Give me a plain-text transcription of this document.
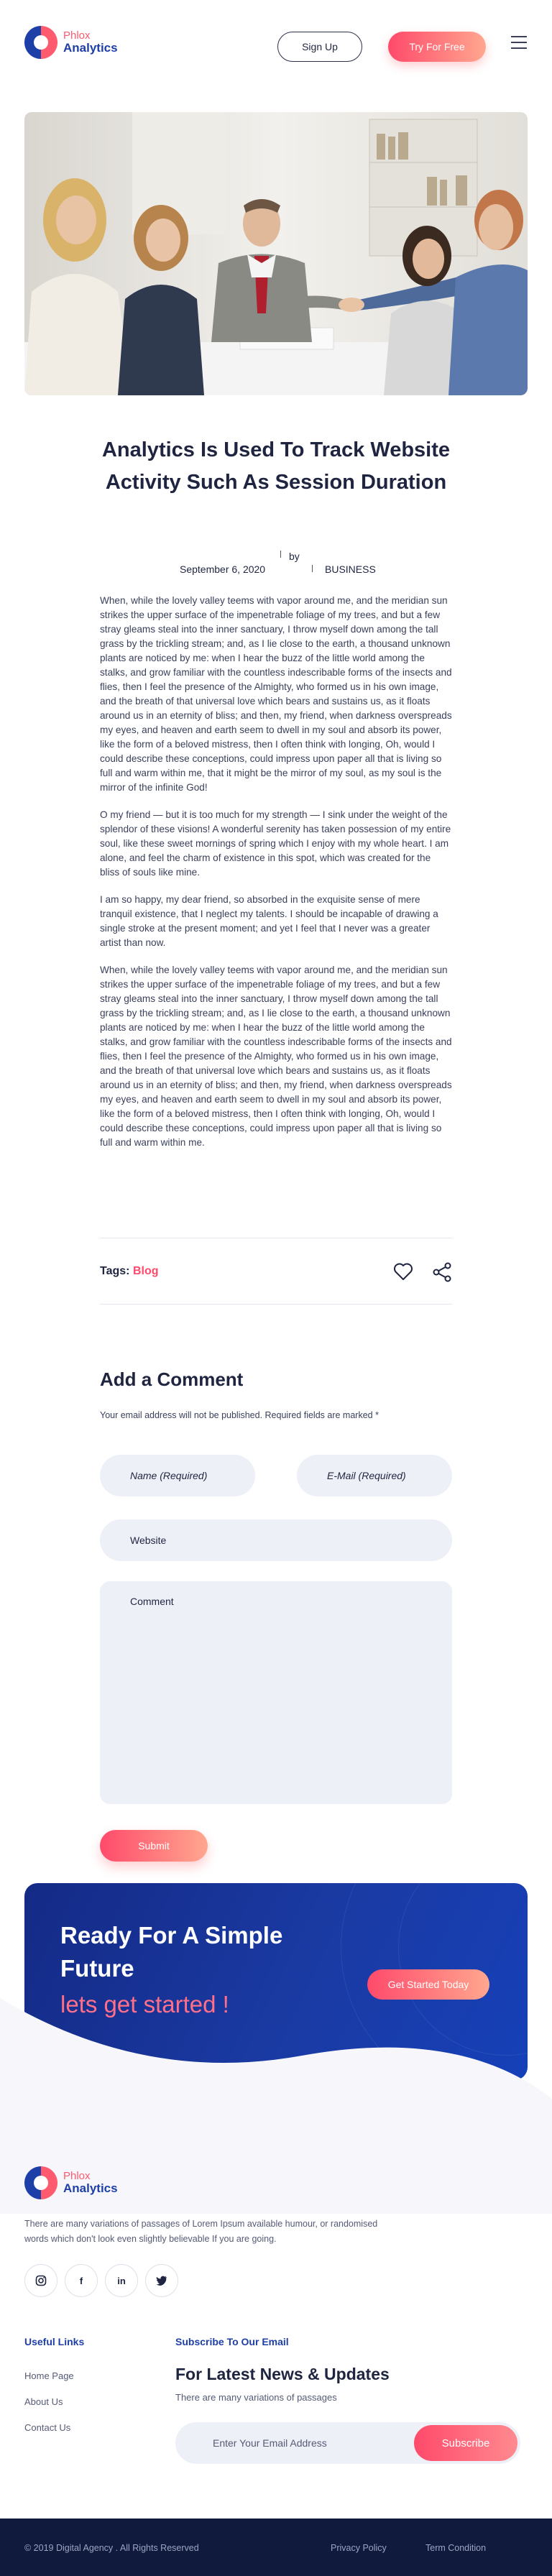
Phlox
Analytics	Sign Up	Try For Free
Analytics Is Used To Track Website Activity Such As Session Duration
September 6, 2020
by
BUSINESS

When, while the lovely valley teems with vapor around me, and the meridian sun strikes the upper surface of the impenetrable foliage of my trees, and but a few stray gleams steal into the inner sanctuary, I throw myself down among the tall grass by the trickling stream; and, as I lie close to the earth, a thousand unknown plants are noticed by me: when I hear the buzz of the little world among the stalks, and grow familiar with the countless indescribable forms of the insects and flies, then I feel the presence of the Almighty, who formed us in his own image, and the breath of that universal love which bears and sustains us, as it floats around us in an eternity of bliss; and then, my friend, when darkness overspreads my eyes, and heaven and earth seem to dwell in my soul and absorb its power, like the form of a beloved mistress, then I often think with longing, Oh, would I could describe these conceptions, could impress upon paper all that is living so full and warm within me, that it might be the mirror of my soul, as my soul is the mirror of the infinite God!

O my friend — but it is too much for my strength — I sink under the weight of the splendor of these visions! A wonderful serenity has taken possession of my entire soul, like these sweet mornings of spring which I enjoy with my whole heart. I am alone, and feel the charm of existence in this spot, which was created for the bliss of souls like mine.

I am so happy, my dear friend, so absorbed in the exquisite sense of mere tranquil existence, that I neglect my talents. I should be incapable of drawing a single stroke at the present moment; and yet I feel that I never was a greater artist than now.

When, while the lovely valley teems with vapor around me, and the meridian sun strikes the upper surface of the impenetrable foliage of my trees, and but a few stray gleams steal into the inner sanctuary, I throw myself down among the tall grass by the trickling stream; and, as I lie close to the earth, a thousand unknown plants are noticed by me: when I hear the buzz of the little world among the stalks, and grow familiar with the countless indescribable forms of the insects and flies, then I feel the presence of the Almighty, who formed us in his own image, and the breath of that universal love which bears and sustains us, as it floats around us in an eternity of bliss; and then, my friend, when darkness overspreads my eyes, and heaven and earth seem to dwell in my soul and absorb its power, like the form of a beloved mistress, then I often think with longing, Oh, would I could describe these conceptions, could impress upon paper all that is living so full and warm within me.

Tags: Blog
Add a Comment
Your email address will not be published. Required fields are marked *
Name (Required)
E-Mail (Required)
Website
Comment
Submit
Ready For A Simple
Future
lets get started !
Get Started Today
Phlox
Analytics
There are many variations of passages of Lorem Ipsum available humour, or randomised words which don't look even slightly believable If you are going.
f	in
Useful Links
Home Page
About Us
Contact Us
Subscribe To Our Email
For Latest News & Updates
There are many variations of passages
Enter Your Email Address
Subscribe
© 2019 Digital Agency . All Rights Reserved	Privacy Policy	Term Condition
